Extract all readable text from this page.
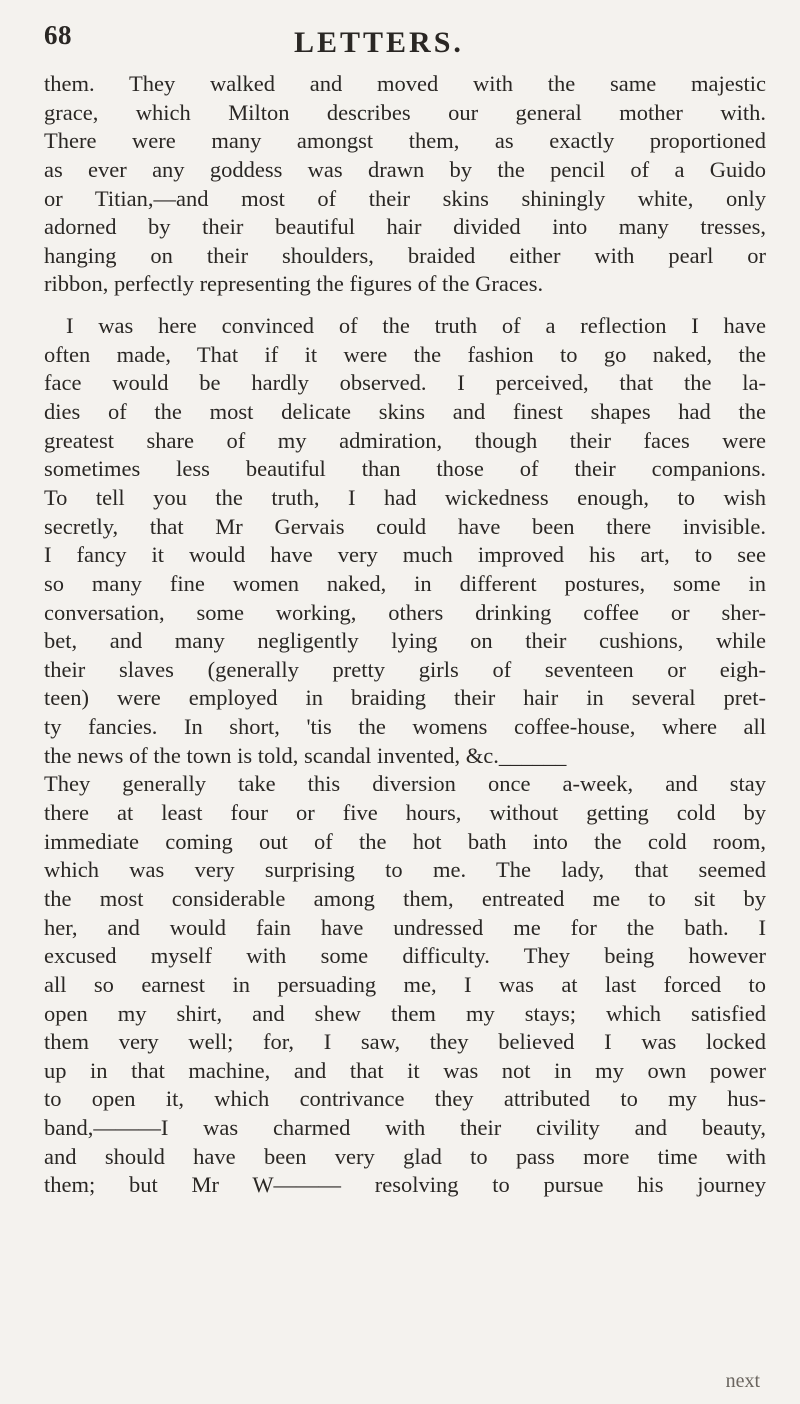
68	LETTERS.
them. They walked and moved with the same majestic
grace, which Milton describes our general mother with.
There were many amongst them, as exactly proportioned
as ever any goddess was drawn by the pencil of a Guido
or Titian,—and most of their skins shiningly white, only
adorned by their beautiful hair divided into many tresses,
hanging on their shoulders, braided either with pearl or
ribbon, perfectly representing the figures of the Graces.
I was here convinced of the truth of a reflection I have
often made, That if it were the fashion to go naked, the
face would be hardly observed. I perceived, that the la-
dies of the most delicate skins and finest shapes had the
greatest share of my admiration, though their faces were
sometimes less beautiful than those of their companions.
To tell you the truth, I had wickedness enough, to wish
secretly, that Mr Gervais could have been there invisible.
I fancy it would have very much improved his art, to see
so many fine women naked, in different postures, some in
conversation, some working, others drinking coffee or sher-
bet, and many negligently lying on their cushions, while
their slaves (generally pretty girls of seventeen or eigh-
teen) were employed in braiding their hair in several pret-
ty fancies. In short, 'tis the womens coffee-house, where all
the news of the town is told, scandal invented, &c.______
They generally take this diversion once a-week, and stay
there at least four or five hours, without getting cold by
immediate coming out of the hot bath into the cold room,
which was very surprising to me. The lady, that seemed
the most considerable among them, entreated me to sit by
her, and would fain have undressed me for the bath. I
excused myself with some difficulty. They being however
all so earnest in persuading me, I was at last forced to
open my shirt, and shew them my stays; which satisfied
them very well; for, I saw, they believed I was locked
up in that machine, and that it was not in my own power
to open it, which contrivance they attributed to my hus-
band,———I was charmed with their civility and beauty,
and should have been very glad to pass more time with
them; but Mr W——— resolving to pursue his journey
next
